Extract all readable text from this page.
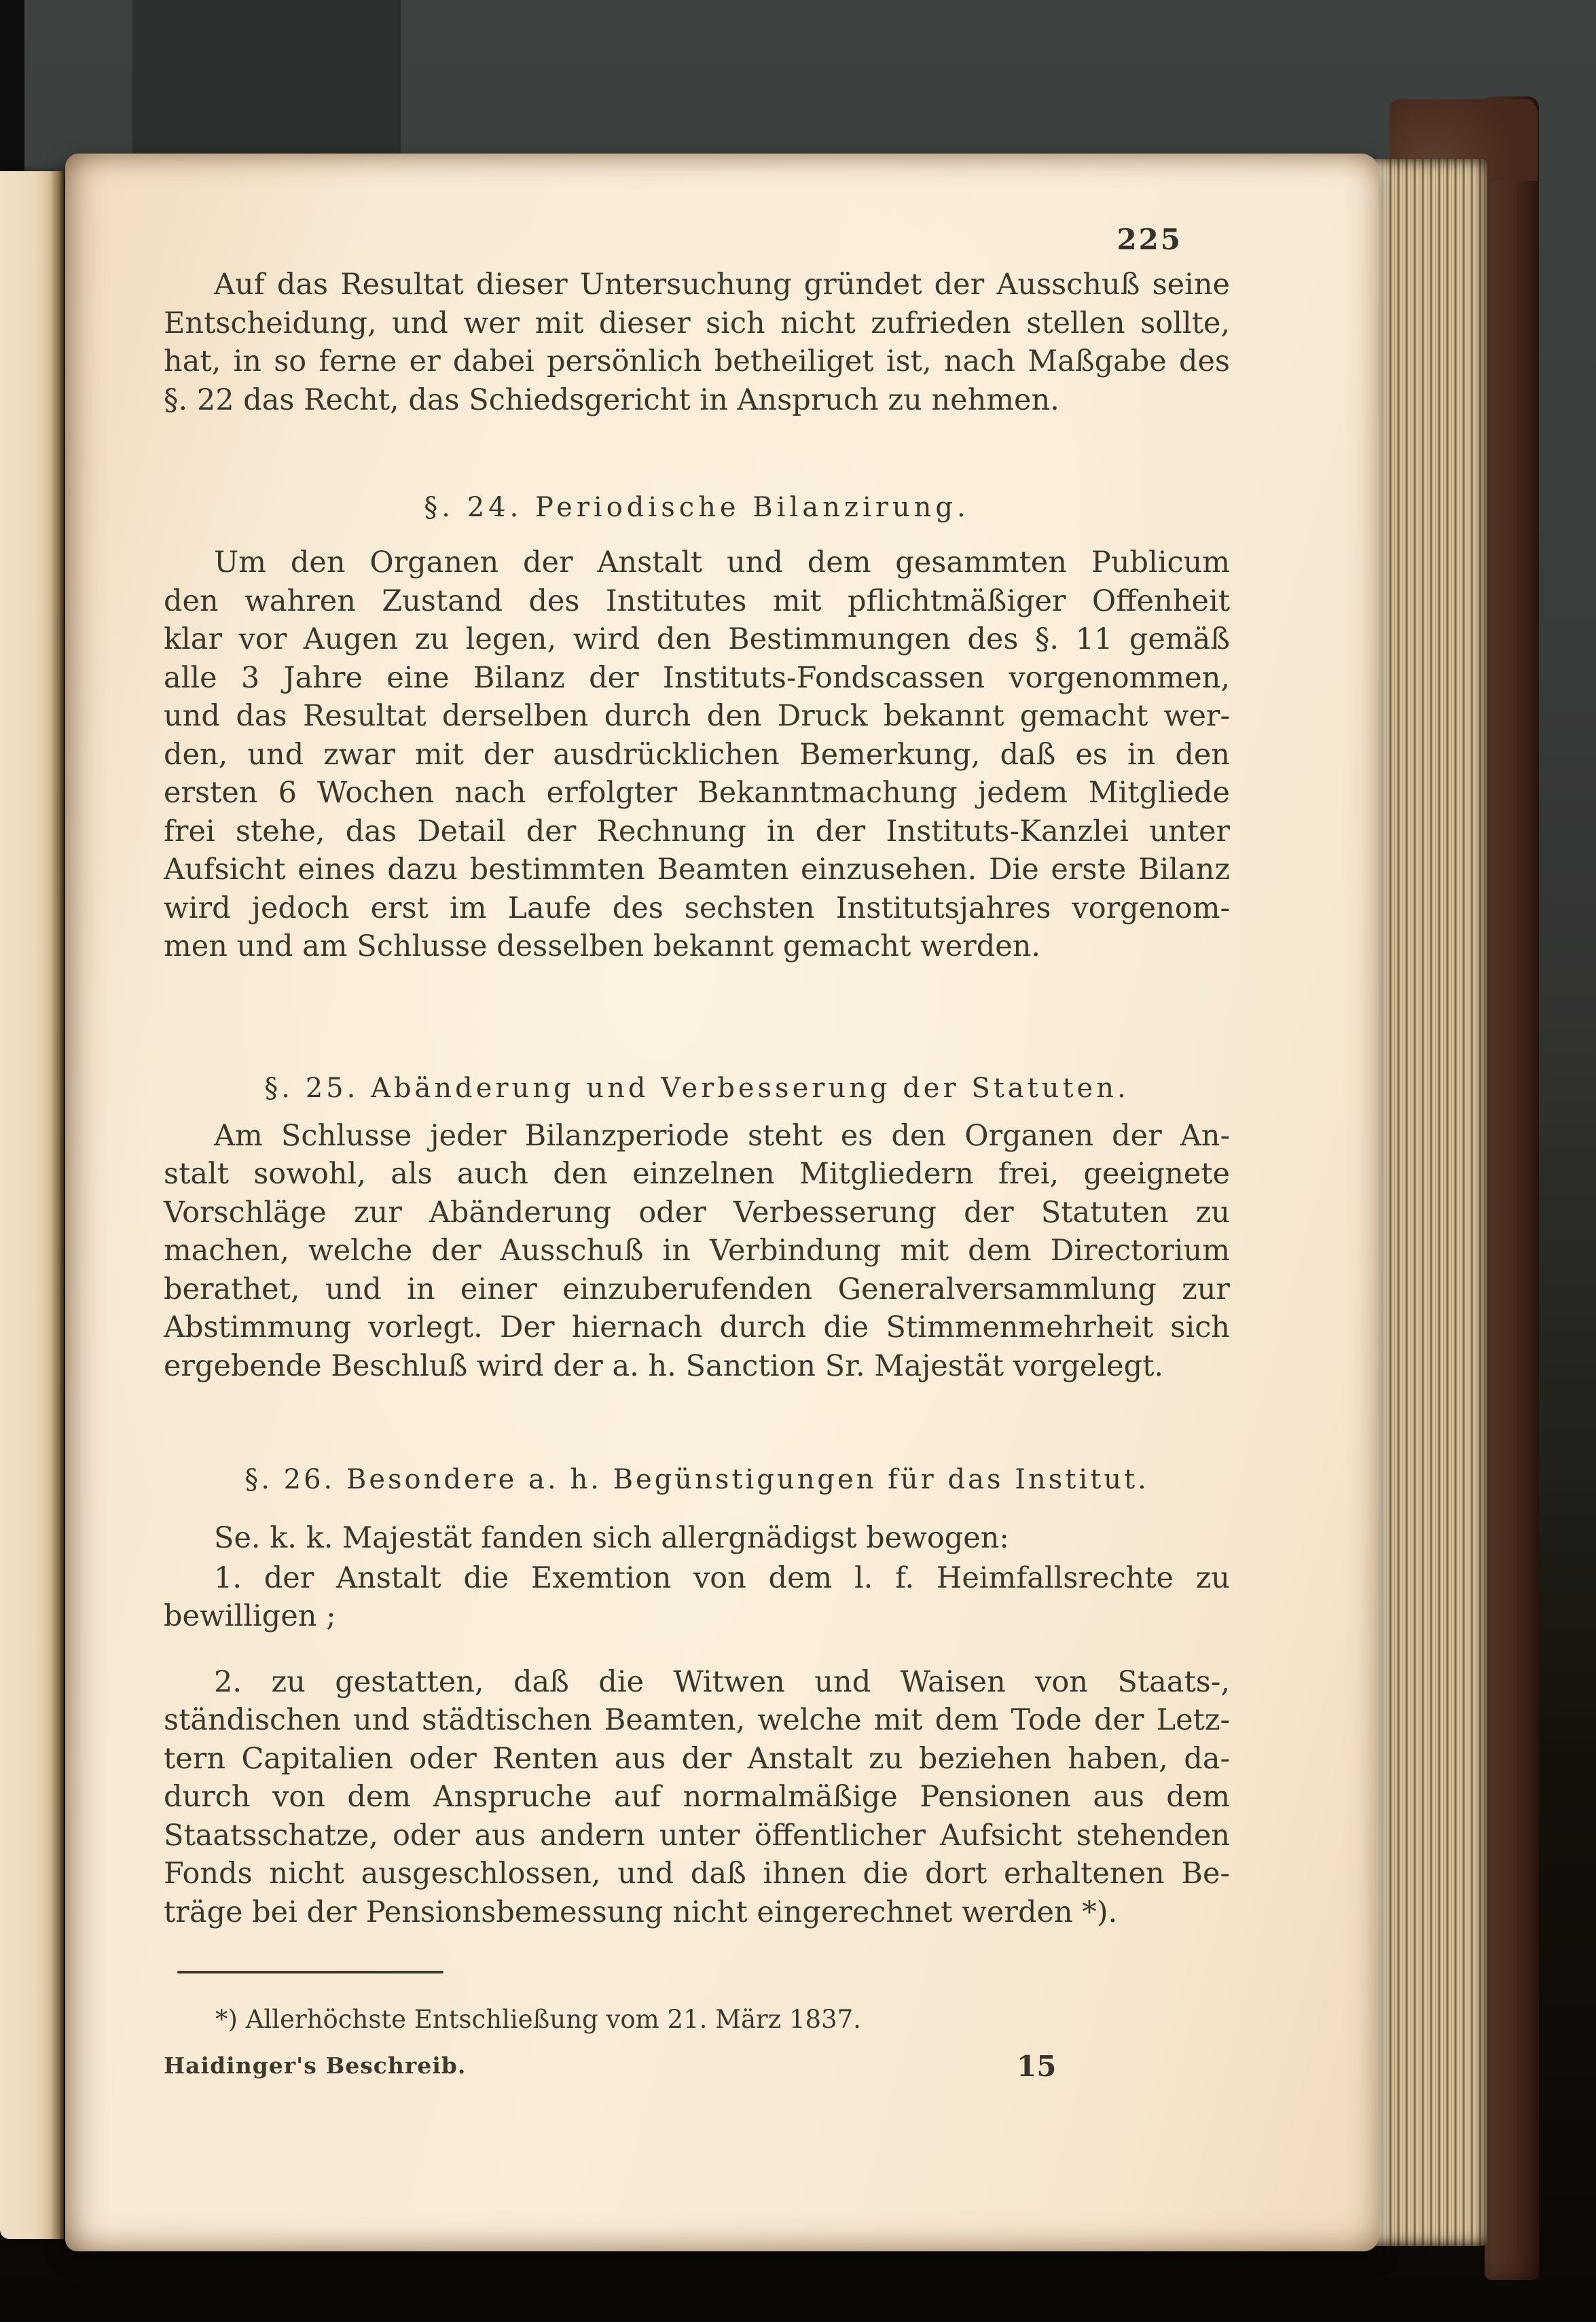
225
Auf das Resultat dieser Untersuchung gründet der Ausschuß seine
Entscheidung, und wer mit dieser sich nicht zufrieden stellen sollte,
hat, in so ferne er dabei persönlich betheiliget ist, nach Maßgabe des
§. 22 das Recht, das Schiedsgericht in Anspruch zu nehmen.
§. 24. Periodische Bilanzirung.
Um den Organen der Anstalt und dem gesammten Publicum
den wahren Zustand des Institutes mit pflichtmäßiger Offenheit
klar vor Augen zu legen, wird den Bestimmungen des §. 11 gemäß
alle 3 Jahre eine Bilanz der Instituts-Fondscassen vorgenommen,
und das Resultat derselben durch den Druck bekannt gemacht wer-
den, und zwar mit der ausdrücklichen Bemerkung, daß es in den
ersten 6 Wochen nach erfolgter Bekanntmachung jedem Mitgliede
frei stehe, das Detail der Rechnung in der Instituts-Kanzlei unter
Aufsicht eines dazu bestimmten Beamten einzusehen. Die erste Bilanz
wird jedoch erst im Laufe des sechsten Institutsjahres vorgenom-
men und am Schlusse desselben bekannt gemacht werden.
§. 25. Abänderung und Verbesserung der Statuten.
Am Schlusse jeder Bilanzperiode steht es den Organen der An-
stalt sowohl, als auch den einzelnen Mitgliedern frei, geeignete
Vorschläge zur Abänderung oder Verbesserung der Statuten zu
machen, welche der Ausschuß in Verbindung mit dem Directorium
berathet, und in einer einzuberufenden Generalversammlung zur
Abstimmung vorlegt. Der hiernach durch die Stimmenmehrheit sich
ergebende Beschluß wird der a. h. Sanction Sr. Majestät vorgelegt.
§. 26. Besondere a. h. Begünstigungen für das Institut.
Se. k. k. Majestät fanden sich allergnädigst bewogen:
1. der Anstalt die Exemtion von dem l. f. Heimfallsrechte zu
bewilligen ;
2. zu gestatten, daß die Witwen und Waisen von Staats-,
ständischen und städtischen Beamten, welche mit dem Tode der Letz-
tern Capitalien oder Renten aus der Anstalt zu beziehen haben, da-
durch von dem Anspruche auf normalmäßige Pensionen aus dem
Staatsschatze, oder aus andern unter öffentlicher Aufsicht stehenden
Fonds nicht ausgeschlossen, und daß ihnen die dort erhaltenen Be-
träge bei der Pensionsbemessung nicht eingerechnet werden *).
*) Allerhöchste Entschließung vom 21. März 1837.
Haidinger's Beschreib.	15
